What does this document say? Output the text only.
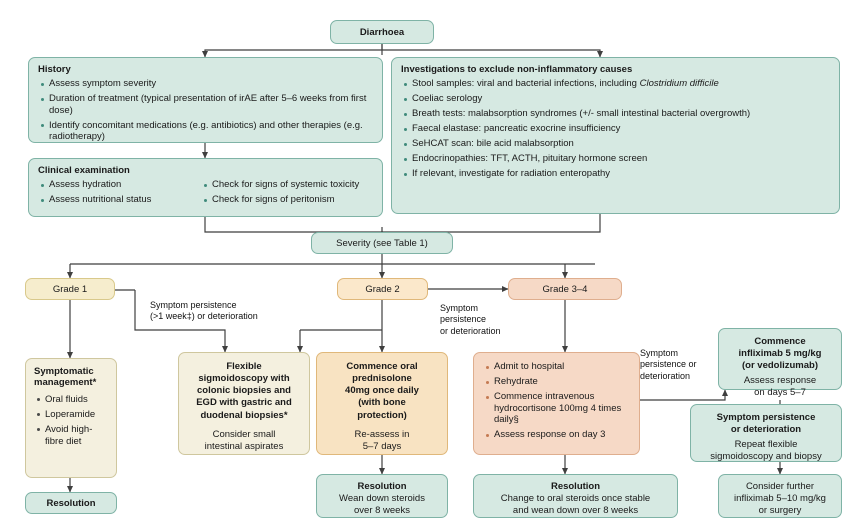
Diarrhoea
History
Assess symptom severity
Duration of treatment (typical presentation of irAE after 5–6 weeks from first dose)
Identify concomitant medications (e.g. antibiotics) and other therapies (e.g. radiotherapy)
Clinical examination
Assess hydration
Assess nutritional status
Check for signs of systemic toxicity
Check for signs of peritonism
Investigations to exclude non-inflammatory causes
Stool samples: viral and bacterial infections, including Clostridium difficile
Coeliac serology
Breath tests: malabsorption syndromes (+/- small intestinal bacterial overgrowth)
Faecal elastase: pancreatic exocrine insufficiency
SeHCAT scan: bile acid malabsorption
Endocrinopathies: TFT, ACTH, pituitary hormone screen
If relevant, investigate for radiation enteropathy
Severity (see Table 1)
Grade 1	Grade 2	Grade 3–4
Symptom persistence
(>1 week‡) or deterioration
Symptom
persistence
or deterioration
Symptom
persistence or
deterioration
Symptomatic management*
Oral fluids
Loperamide
Avoid high-fibre diet
Resolution
Flexible
sigmoidoscopy with
colonic biopsies and
EGD with gastric and
duodenal biopsies*
Consider small
intestinal aspirates
Commence oral
prednisolone
40mg once daily
(with bone
protection)
Re-assess in
5–7 days
Admit to hospital
Rehydrate
Commence intravenous hydrocortisone 100mg 4 times daily§
Assess response on day 3
Commence
infliximab 5 mg/kg
(or vedolizumab)
Assess response
on days 5–7
Symptom persistence
or deterioration
Repeat flexible
sigmoidoscopy and biopsy
Consider further
infliximab 5–10 mg/kg
or surgery
Resolution
Wean down steroids
over 8 weeks
Resolution
Change to oral steroids once stable
and wean down over 8 weeks
